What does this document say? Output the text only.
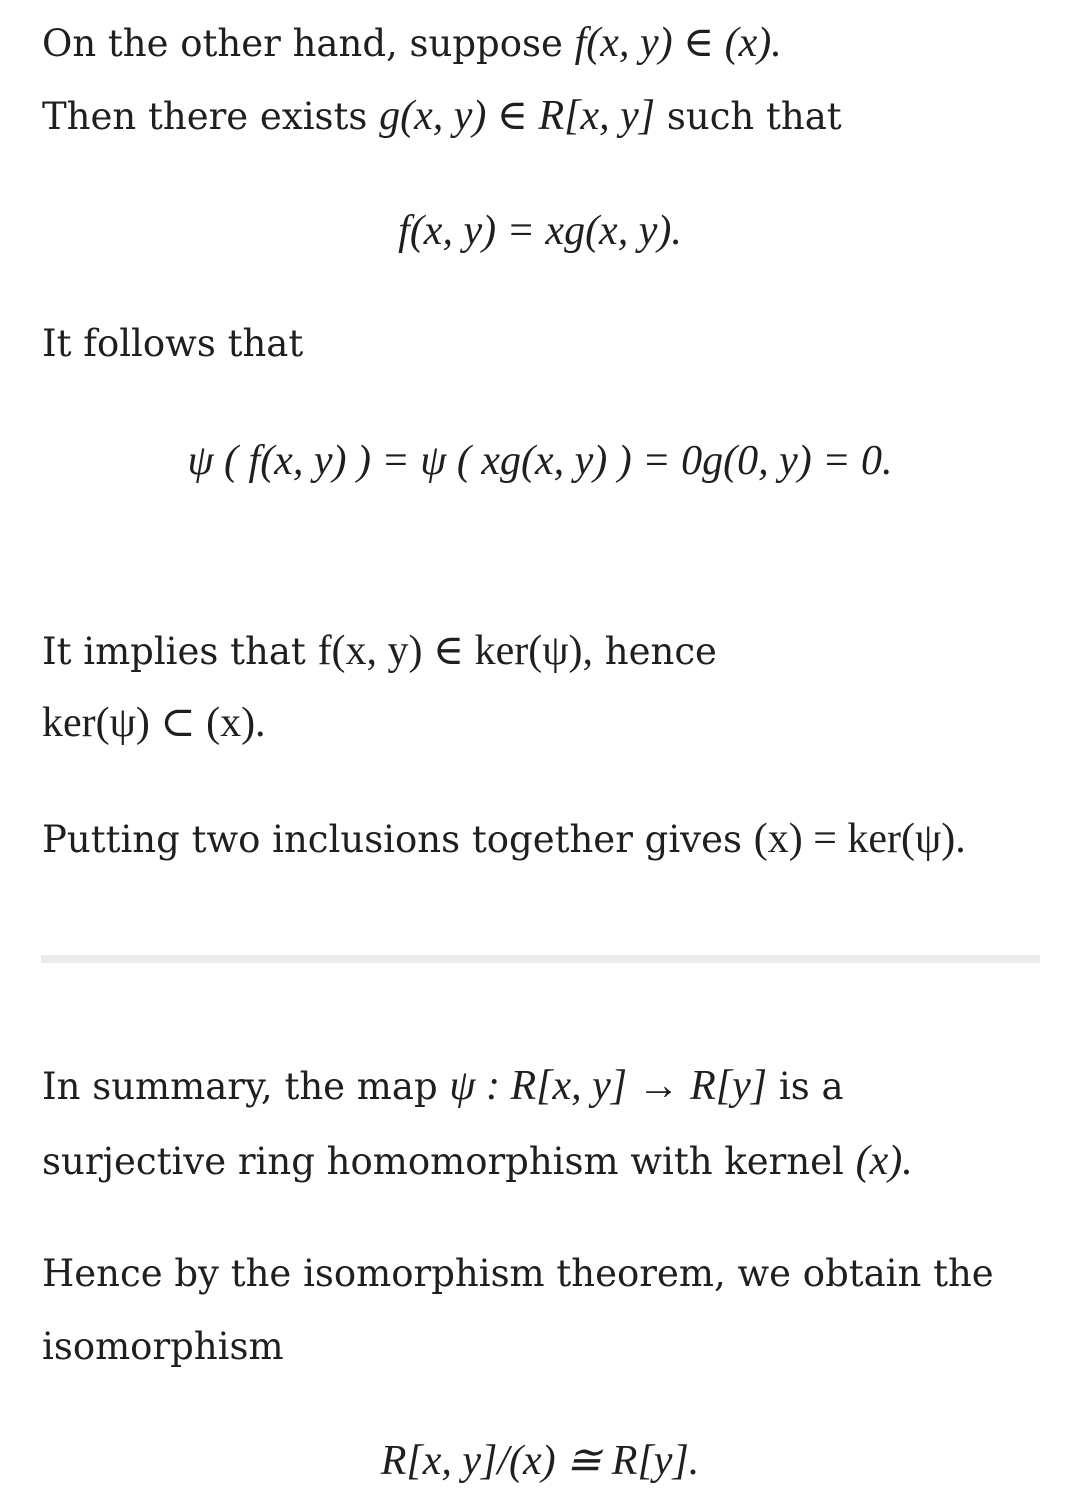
On the other hand, suppose f(x, y) ∈ (x).
Then there exists g(x, y) ∈ R[x, y] such that
f(x, y) = xg(x, y).
It follows that
ψ ( f(x, y) ) = ψ ( xg(x, y) ) = 0g(0, y) = 0.
It implies that f(x, y) ∈ ker(ψ), hence
ker(ψ) ⊂ (x).
Putting two inclusions together gives (x) = ker(ψ).
In summary, the map ψ : R[x, y] → R[y] is a
surjective ring homomorphism with kernel (x).
Hence by the isomorphism theorem, we obtain the
isomorphism
R[x, y]/(x) ≅ R[y].
